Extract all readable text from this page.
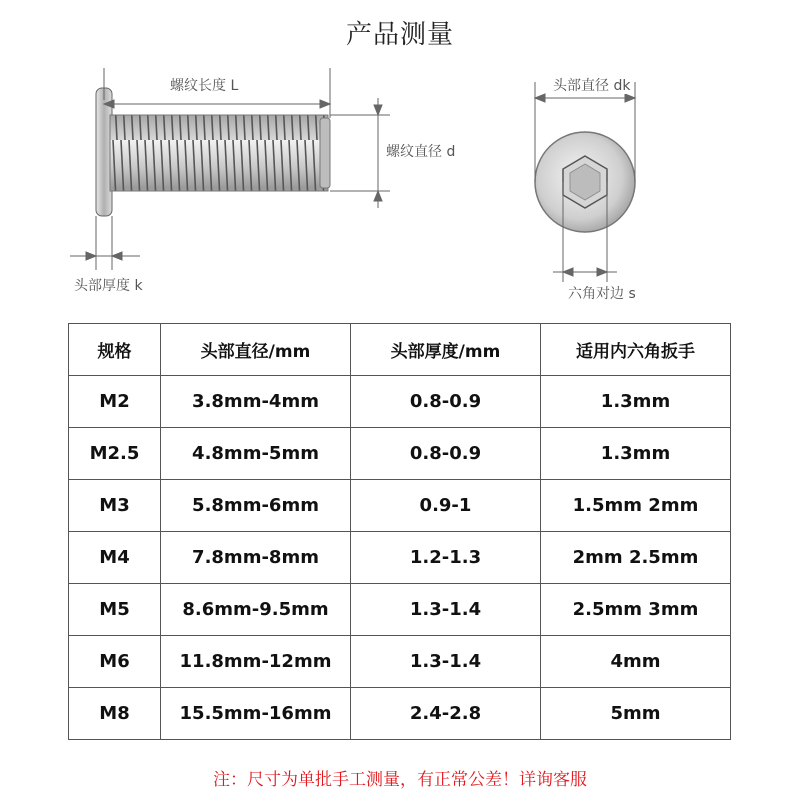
产品测量
螺纹长度 L
螺纹直径 d
头部厚度 k
头部直径 dk
六角对边 s
规格	头部直径/mm	头部厚度/mm	适用内六角扳手
M2	3.8mm-4mm	0.8-0.9	1.3mm
M2.5	4.8mm-5mm	0.8-0.9	1.3mm
M3	5.8mm-6mm	0.9-1	1.5mm 2mm
M4	7.8mm-8mm	1.2-1.3	2mm 2.5mm
M5	8.6mm-9.5mm	1.3-1.4	2.5mm 3mm
M6	11.8mm-12mm	1.3-1.4	4mm
M8	15.5mm-16mm	2.4-2.8	5mm
注：尺寸为单批手工测量，有正常公差！详询客服
